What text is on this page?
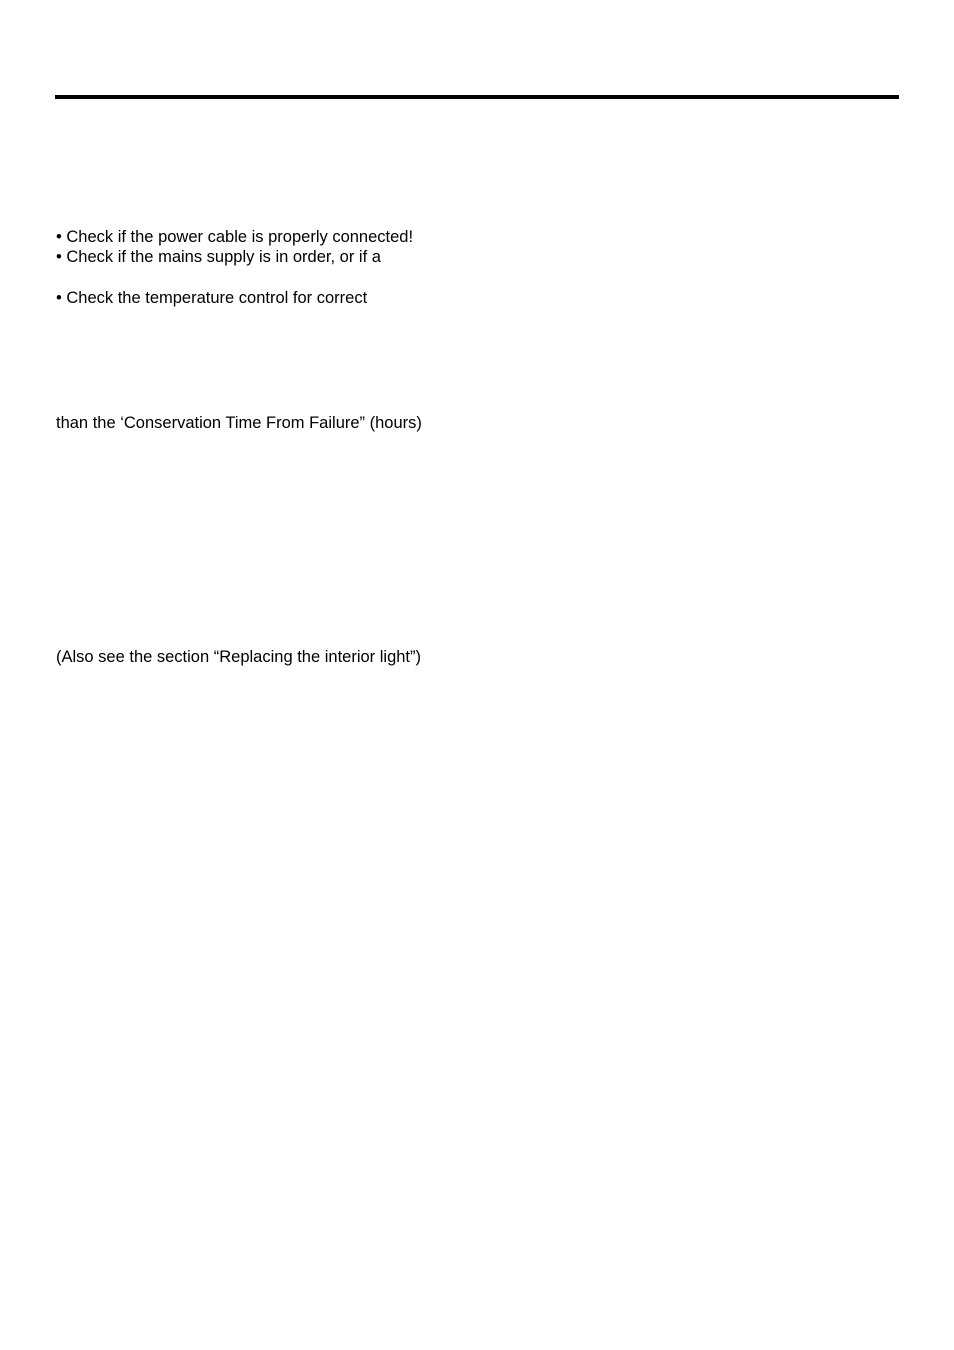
• Check if the power cable is properly connected!
• Check if the mains supply is in order, or if a
• Check the temperature control for correct
than the ‘Conservation Time From Failure” (hours)
(Also see the section “Replacing the interior light”)
